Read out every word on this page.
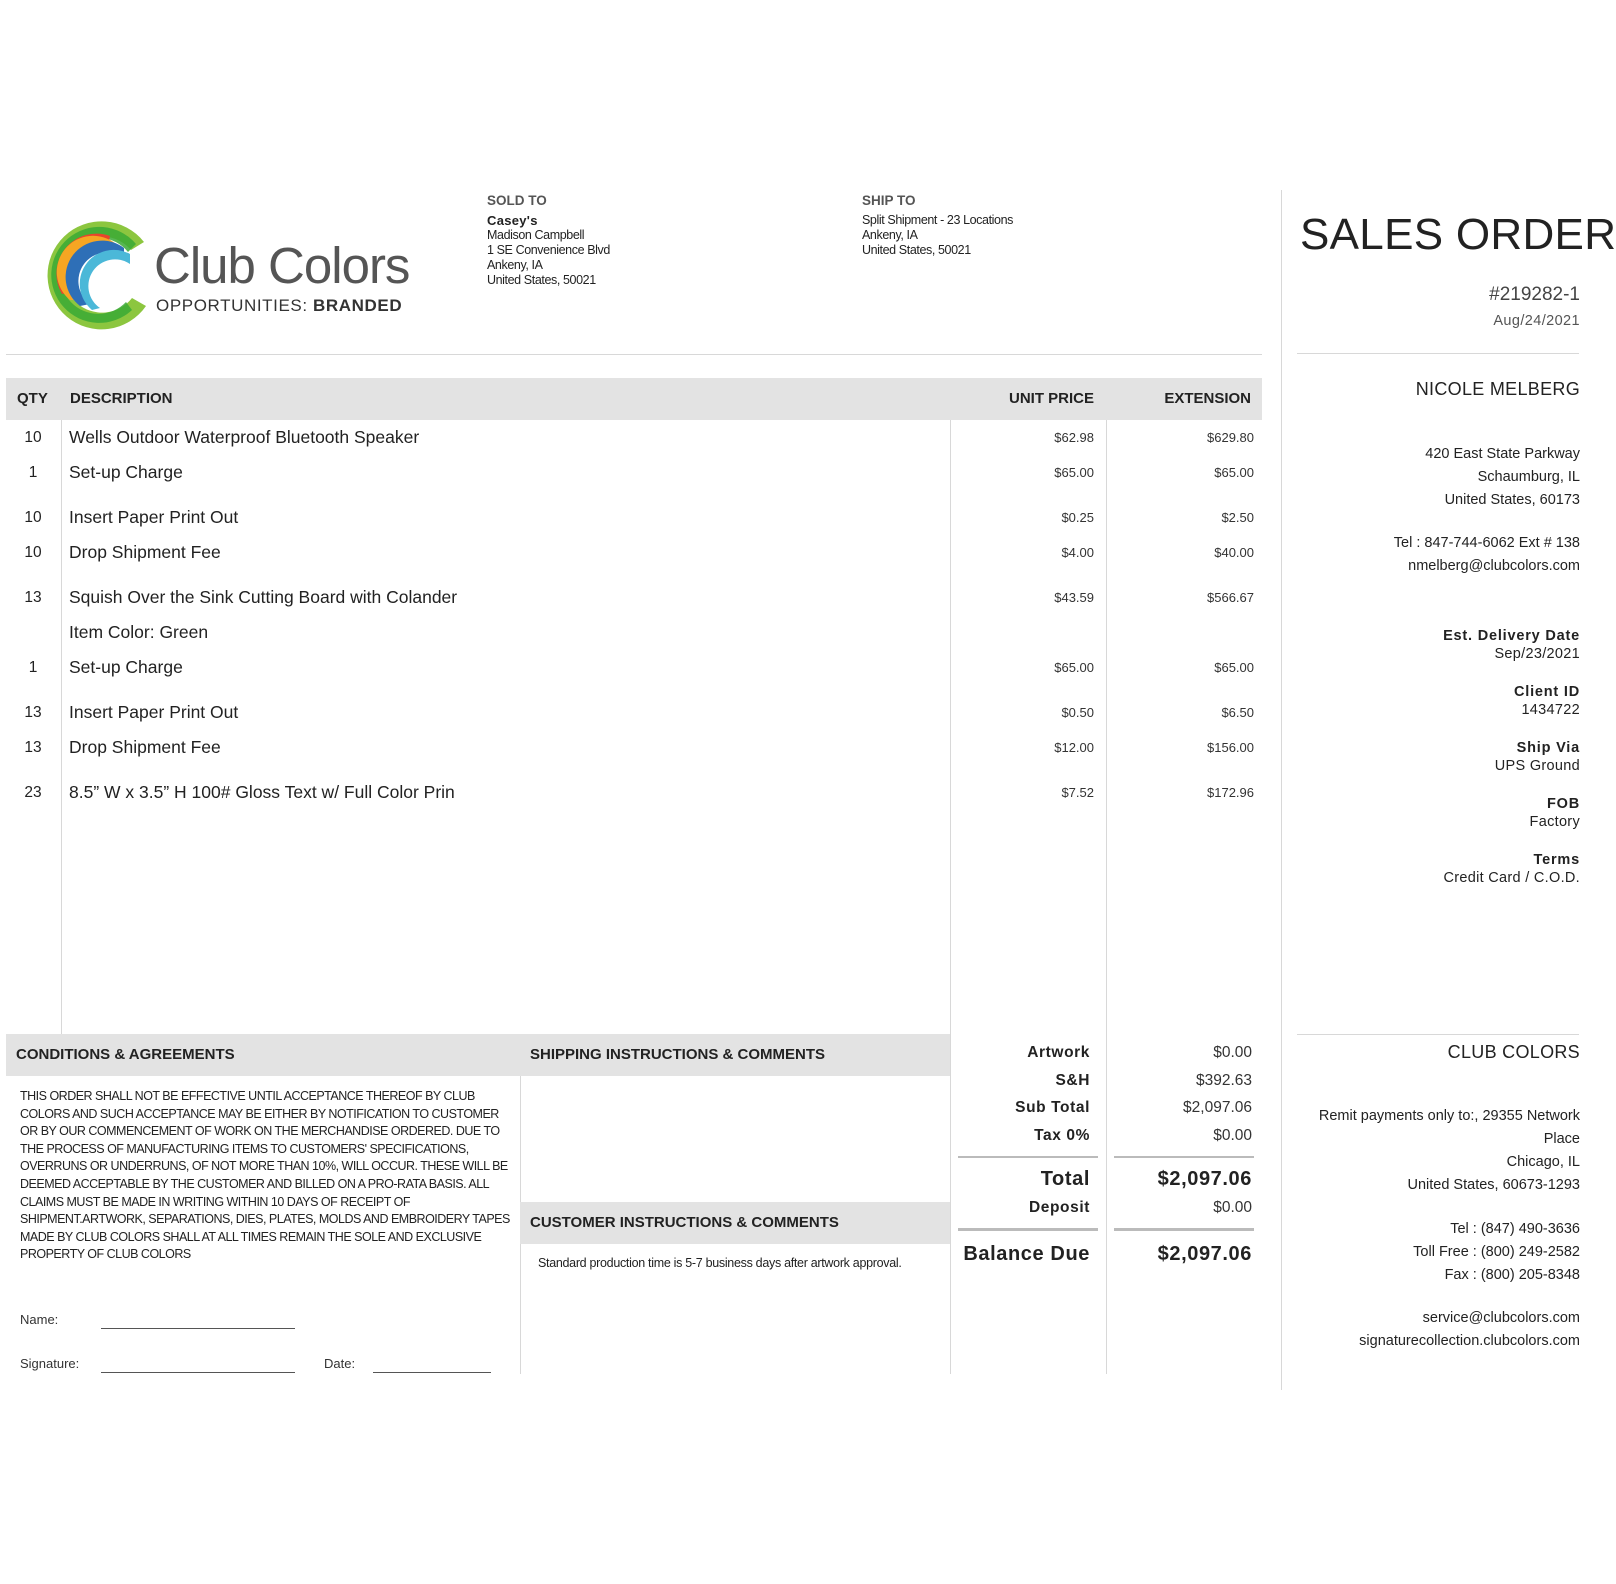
Club Colors
OPPORTUNITIES: BRANDED
SOLD TO
Casey's
Madison Campbell
1 SE Convenience Blvd
Ankeny, IA
United States, 50021
SHIP TO
Split Shipment - 23 Locations
Ankeny, IA
United States, 50021
QTY DESCRIPTION	UNIT PRICE	EXTENSION
10	Wells Outdoor Waterproof Bluetooth Speaker	$62.98	$629.80
1	Set-up Charge	$65.00	$65.00
10	Insert Paper Print Out	$0.25	$2.50
10	Drop Shipment Fee	$4.00	$40.00
13	Squish Over the Sink Cutting Board with Colander	$43.59	$566.67
Item Color: Green
1	Set-up Charge	$65.00	$65.00
13	Insert Paper Print Out	$0.50	$6.50
13	Drop Shipment Fee	$12.00	$156.00
23	8.5” W x 3.5” H 100# Gloss Text w/ Full Color Prin	$7.52	$172.96
SALES ORDER
#219282-1
Aug/24/2021
NICOLE MELBERG
420 East State Parkway
Schaumburg, IL
United States, 60173
Tel : 847-744-6062 Ext # 138
nmelberg@clubcolors.com
Est. Delivery Date
Sep/23/2021
Client ID
1434722
Ship Via
UPS Ground
FOB
Factory
Terms
Credit Card / C.O.D.
CLUB COLORS
Remit payments only to:, 29355 Network
Place
Chicago, IL
United States, 60673-1293
Tel : (847) 490-3636
Toll Free : (800) 249-2582
Fax : (800) 205-8348
service@clubcolors.com
signaturecollection.clubcolors.com
CONDITIONS & AGREEMENTS	SHIPPING INSTRUCTIONS & COMMENTS
THIS ORDER SHALL NOT BE EFFECTIVE UNTIL ACCEPTANCE THEREOF BY CLUB COLORS AND SUCH ACCEPTANCE MAY BE EITHER BY NOTIFICATION TO CUSTOMER OR BY OUR COMMENCEMENT OF WORK ON THE MERCHANDISE ORDERED. DUE TO THE PROCESS OF MANUFACTURING ITEMS TO CUSTOMERS' SPECIFICATIONS, OVERRUNS OR UNDERRUNS, OF NOT MORE THAN 10%, WILL OCCUR. THESE WILL BE DEEMED ACCEPTABLE BY THE CUSTOMER AND BILLED ON A PRO-RATA BASIS. ALL CLAIMS MUST BE MADE IN WRITING WITHIN 10 DAYS OF RECEIPT OF SHIPMENT.ARTWORK, SEPARATIONS, DIES, PLATES, MOLDS AND EMBROIDERY TAPES MADE BY CLUB COLORS SHALL AT ALL TIMES REMAIN THE SOLE AND EXCLUSIVE PROPERTY OF CLUB COLORS
Name:
Signature:	Date:
CUSTOMER INSTRUCTIONS & COMMENTS
Standard production time is 5-7 business days after artwork approval.
Artwork	$0.00
S&H	$392.63
Sub Total	$2,097.06
Tax 0%	$0.00
Total	$2,097.06
Deposit	$0.00
Balance Due	$2,097.06
